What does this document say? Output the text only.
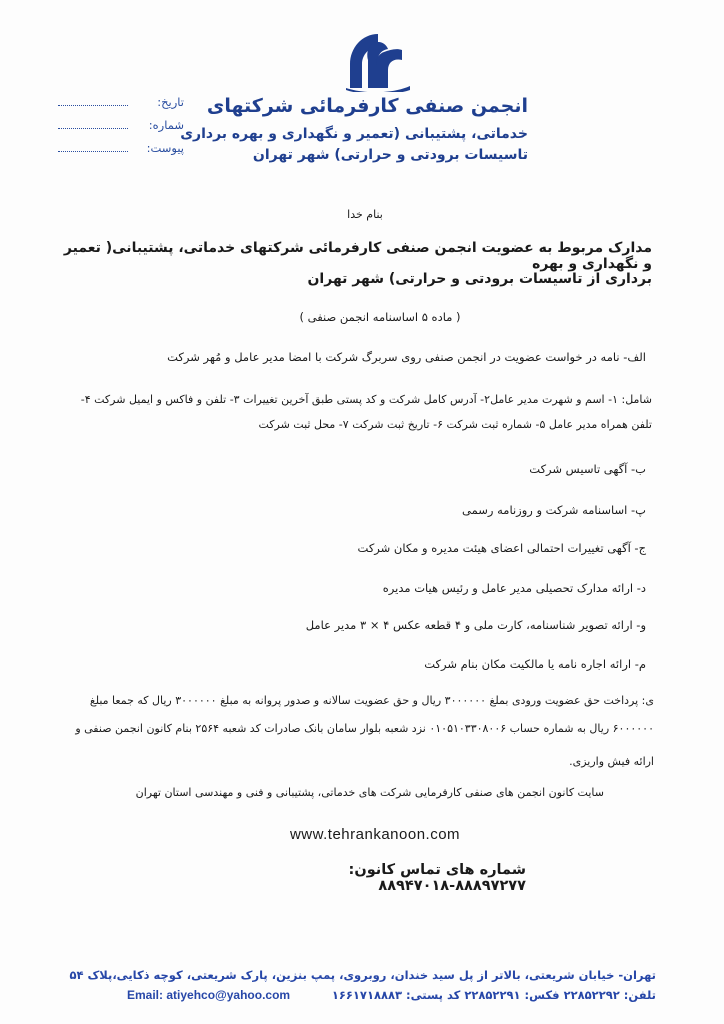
انجمن صنفی کارفرمائی شرکتهای
خدماتی، پشتیبانی (تعمیر و نگهداری و بهره برداری
تاسیسات برودتی و حرارتی) شهر تهران
تاریخ:
شماره:
پیوست:
بنام خدا
مدارک مربوط به عضویت انجمن صنفی کارفرمائی شرکتهای خدماتی، پشتیبانی( تعمیر و نگهداری و بهره
برداری از تاسیسات برودتی و حرارتی) شهر تهران
( ماده ۵ اساسنامه انجمن صنفی )
الف- نامه در خواست عضویت در انجمن صنفی روی سربرگ شرکت با امضا مدیر عامل و مُهر شرکت
شامل: ۱- اسم و شهرت مدیر عامل۲- آدرس کامل شرکت و کد پستی طبق آخرین تغییرات ۳- تلفن و فاکس و ایمیل شرکت ۴-
تلفن همراه مدیر عامل ۵- شماره ثبت شرکت ۶- تاریخ ثبت شرکت ۷- محل ثبت شرکت
ب- آگهی تاسیس شرکت
پ- اساسنامه شرکت و روزنامه رسمی
ج- آگهی تغییرات احتمالی اعضای هیئت مدیره و مکان شرکت
د- ارائه مدارک تحصیلی مدیر عامل و رئیس هیات مدیره
و- ارائه تصویر شناسنامه، کارت ملی و ۴ قطعه عکس ۴ × ۳ مدیر عامل
م- ارائه اجاره نامه یا مالکیت مکان بنام شرکت
ی: پرداخت حق عضویت ورودی بملغ ۳۰۰۰۰۰۰ ریال و حق عضویت سالانه و صدور پروانه به مبلغ ۳۰۰۰۰۰۰ ریال که جمعا مبلغ
۶۰۰۰۰۰۰ ریال به شماره حساب ۰۱۰۵۱۰۳۳۰۸۰۰۶ نزد شعبه بلوار سامان بانک صادرات کد شعبه ۲۵۶۴ بنام کانون انجمن صنفی و
ارائه فیش واریزی.
سایت کانون انجمن های صنفی کارفرمایی شرکت های خدماتی، پشتیبانی و فنی و مهندسی استان تهران
www.tehrankanoon.com
شماره های تماس کانون: ۸۸۸۹۷۲۷۷-۸۸۹۴۷۰۱۸
تهران- خیابان شریعتی، بالاتر از پل سید خندان، روبروی، پمپ بنزین، پارک شریعتی، کوچه ذکایی،پلاک ۵۴
تلفن: ۲۲۸۵۲۲۹۲ فکس: ۲۲۸۵۲۲۹۱ کد پستی: ۱۶۶۱۷۱۸۸۸۳
Email: atiyehco@yahoo.com
